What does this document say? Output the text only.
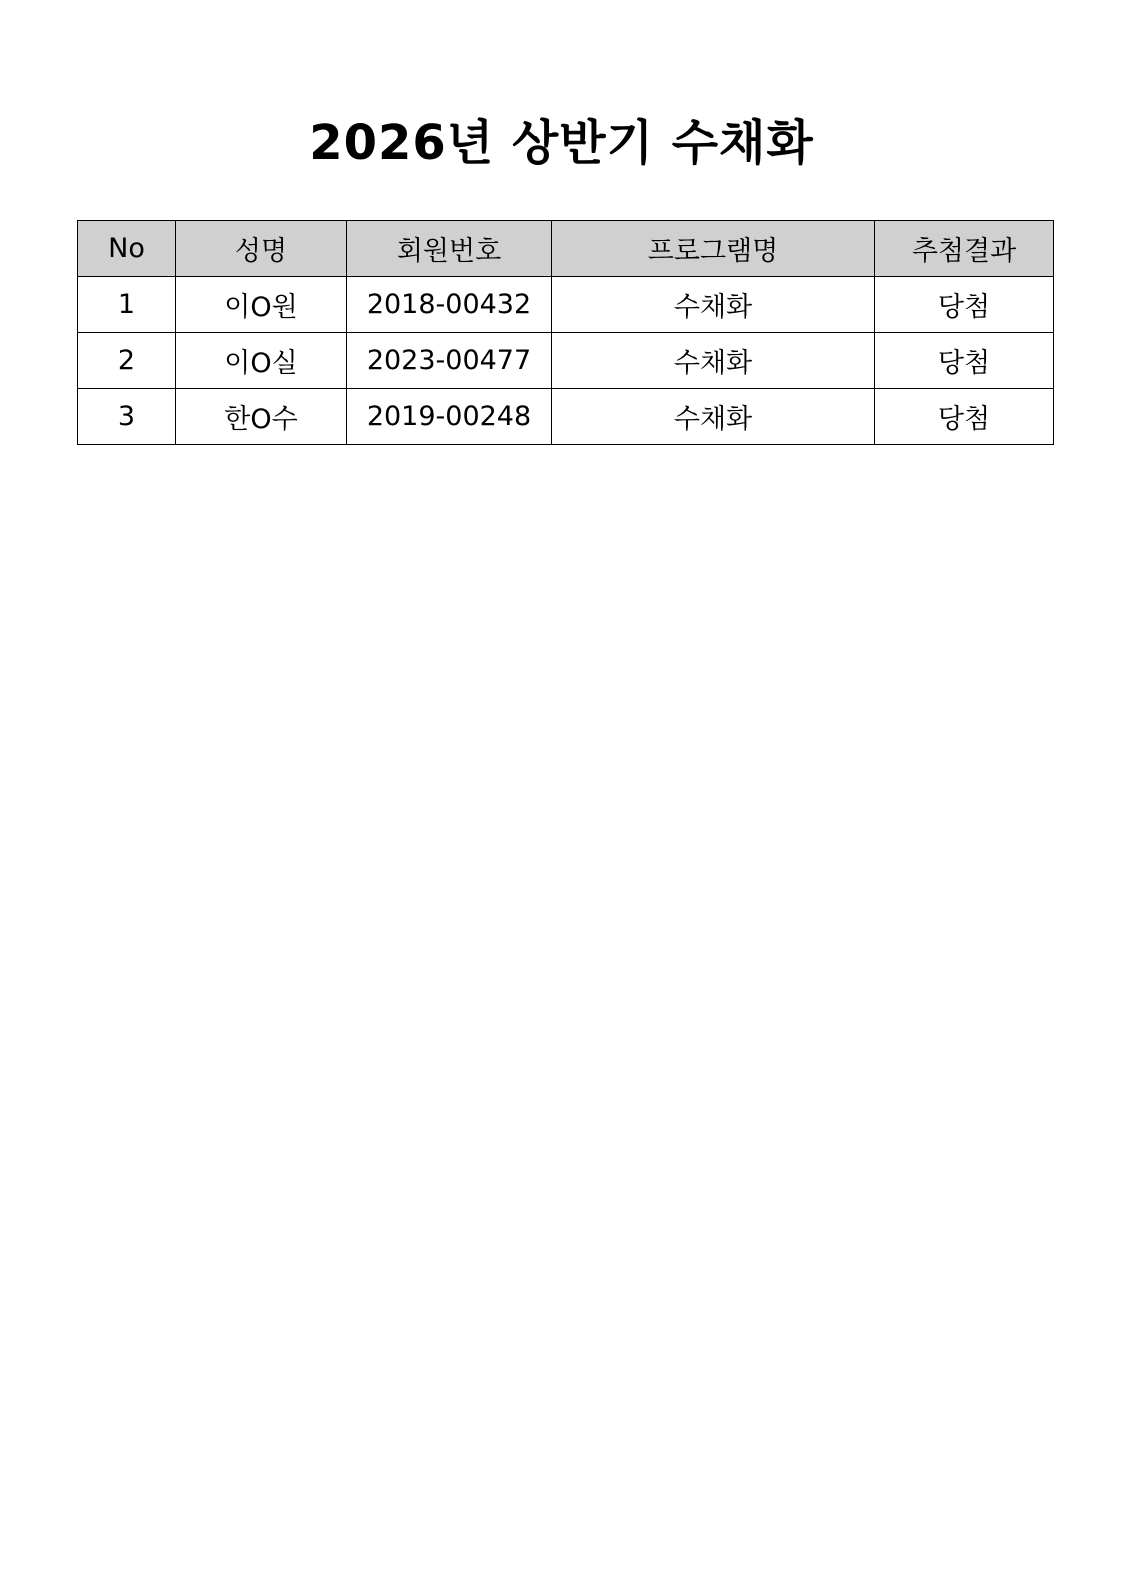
2026년 상반기 수채화
No	성명	회원번호	프로그램명	추첨결과
1	이O원	2018-00432	수채화	당첨
2	이O실	2023-00477	수채화	당첨
3	한O수	2019-00248	수채화	당첨
